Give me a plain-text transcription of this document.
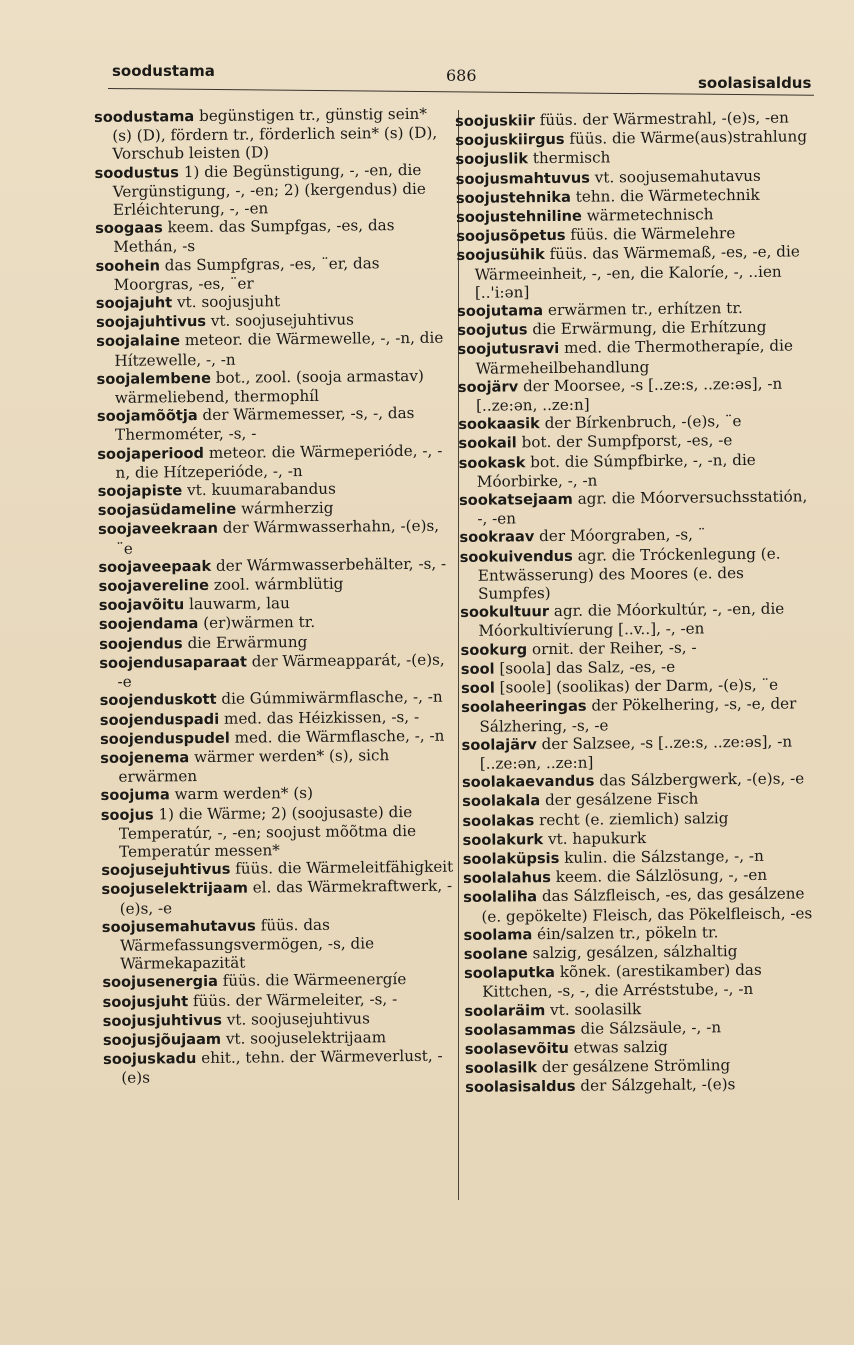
soodustama	686	soolasisaldus
soodustama begünstigen tr., günstig sein* (s) (D), fördern tr., förderlich sein* (s) (D), Vorschub leisten (D)
soodustus 1) die Begünstigung, -, -en, die Vergünstigung, -, -en; 2) (kergendus) die Erléichterung, -, -en
soogaas keem. das Sumpfgas, -es, das Methán, -s
soohein das Sumpfgras, -es, ¨er, das Moorgras, -es, ¨er
soojajuht vt. soojusjuht
soojajuhtivus vt. soojusejuhtivus
soojalaine meteor. die Wärmewelle, -, -n, die Hítzewelle, -, -n
soojalembene bot., zool. (sooja armastav) wärmeliebend, thermophíl
soojamõõtja der Wärmemesser, -s, -, das Thermométer, -s, -
soojaperiood meteor. die Wärmeperióde, -, -n, die Hítzeperióde, -, -n
soojapiste vt. kuumarabandus
soojasüdameline wármherzig
soojaveekraan der Wármwasserhahn, -(e)s, ¨e
soojaveepaak der Wármwasserbehälter, -s, -
soojavereline zool. wármblütig
soojavõitu lauwarm, lau
soojendama (er)wärmen tr.
soojendus die Erwärmung
soojendusaparaat der Wärmeapparát, -(e)s, -e
soojenduskott die Gúmmiwärmflasche, -, -n
soojenduspadi med. das Héizkissen, -s, -
soojenduspudel med. die Wärmflasche, -, -n
soojenema wärmer werden* (s), sich erwärmen
soojuma warm werden* (s)
soojus 1) die Wärme; 2) (soojusaste) die Temperatúr, -, -en; soojust mõõtma die Temperatúr messen*
soojusejuhtivus füüs. die Wärmeleitfähigkeit
soojuselektrijaam el. das Wärmekraftwerk, -(e)s, -e
soojusemahutavus füüs. das Wärmefassungsvermögen, -s, die Wärmekapazität
soojusenergia füüs. die Wärmeenergíe
soojusjuht füüs. der Wärmeleiter, -s, -
soojusjuhtivus vt. soojusejuhtivus
soojusjõujaam vt. soojuselektrijaam
soojuskadu ehit., tehn. der Wärmeverlust, -(e)s
soojuskiir füüs. der Wärmestrahl, -(e)s, -en
soojuskiirgus füüs. die Wärme(aus)strahlung
soojuslik thermisch
soojusmahtuvus vt. soojusemahutavus
soojustehnika tehn. die Wärmetechnik
soojustehniline wärmetechnisch
soojusõpetus füüs. die Wärmelehre
soojusühik füüs. das Wärmemaß, -es, -e, die Wärmeeinheit, -, -en, die Kaloríe, -, ..ien [..'i:ən]
soojutama erwärmen tr., erhítzen tr.
soojutus die Erwärmung, die Erhítzung
soojutusravi med. die Thermotherapíe, die Wärmeheilbehandlung
soojärv der Moorsee, -s [..ze:s, ..ze:əs], -n [..ze:ən, ..ze:n]
sookaasik der Bírkenbruch, -(e)s, ¨e
sookail bot. der Sumpfporst, -es, -e
sookask bot. die Súmpfbirke, -, -n, die Móorbirke, -, -n
sookatsejaam agr. die Móorversuchsstatión, -, -en
sookraav der Móorgraben, -s, ¨
sookuivendus agr. die Tróckenlegung (e. Entwässerung) des Moores (e. des Sumpfes)
sookultuur agr. die Móorkultúr, -, -en, die Móorkultivíerung [..v..], -, -en
sookurg ornit. der Reiher, -s, -
sool [soola] das Salz, -es, -e
sool [soole] (soolikas) der Darm, -(e)s, ¨e
soolaheeringas der Pökelhering, -s, -e, der Sálzhering, -s, -e
soolajärv der Salzsee, -s [..ze:s, ..ze:əs], -n [..ze:ən, ..ze:n]
soolakaevandus das Sálzbergwerk, -(e)s, -e
soolakala der gesálzene Fisch
soolakas recht (e. ziemlich) salzig
soolakurk vt. hapukurk
soolaküpsis kulin. die Sálzstange, -, -n
soolalahus keem. die Sálzlösung, -, -en
soolaliha das Sálzfleisch, -es, das gesálzene (e. gepökelte) Fleisch, das Pökelfleisch, -es
soolama éin/salzen tr., pökeln tr.
soolane salzig, gesálzen, sálzhaltig
soolaputka kõnek. (arestikamber) das Kittchen, -s, -, die Arréststube, -, -n
soolaräim vt. soolasilk
soolasammas die Sálzsäule, -, -n
soolasevõitu etwas salzig
soolasilk der gesálzene Strömling
soolasisaldus der Sálzgehalt, -(e)s
